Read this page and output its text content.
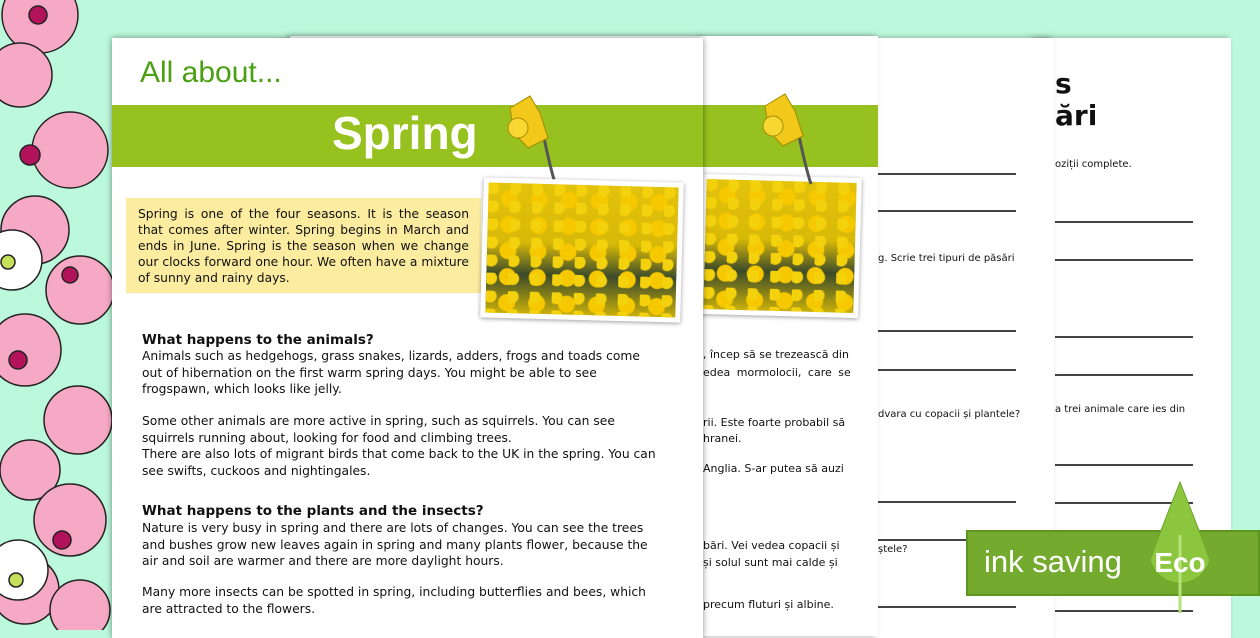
s
ări
oziții complete.
a trei animale care ies din
g. Scrie trei tipuri de păsări
dvara cu copacii și plantele?
ștele?
, încep să se trezească din
edea mormolocii, care se
rii. Este foarte probabil să
hranei.
Anglia. S-ar putea să auzi
bări. Vei vedea copacii și
și solul sunt mai calde și
precum fluturi și albine.
All about...
Spring
Spring is one of the four seasons. It is the season that comes after winter. Spring begins in March and ends in June. Spring is the season when we change our clocks forward one hour. We often have a mixture of sunny and rainy days.
What happens to the animals?
Animals such as hedgehogs, grass snakes, lizards, adders, frogs and toads come out of hibernation on the first warm spring days. You might be able to see frogspawn, which looks like jelly.
Some other animals are more active in spring, such as squirrels. You can see squirrels running about, looking for food and climbing trees.
There are also lots of migrant birds that come back to the UK in the spring. You can see swifts, cuckoos and nightingales.
What happens to the plants and the insects?
Nature is very busy in spring and there are lots of changes. You can see the trees and bushes grow new leaves again in spring and many plants flower, because the air and soil are warmer and there are more daylight hours.
Many more insects can be spotted in spring, including butterflies and bees, which are attracted to the flowers.
ink saving Eco
